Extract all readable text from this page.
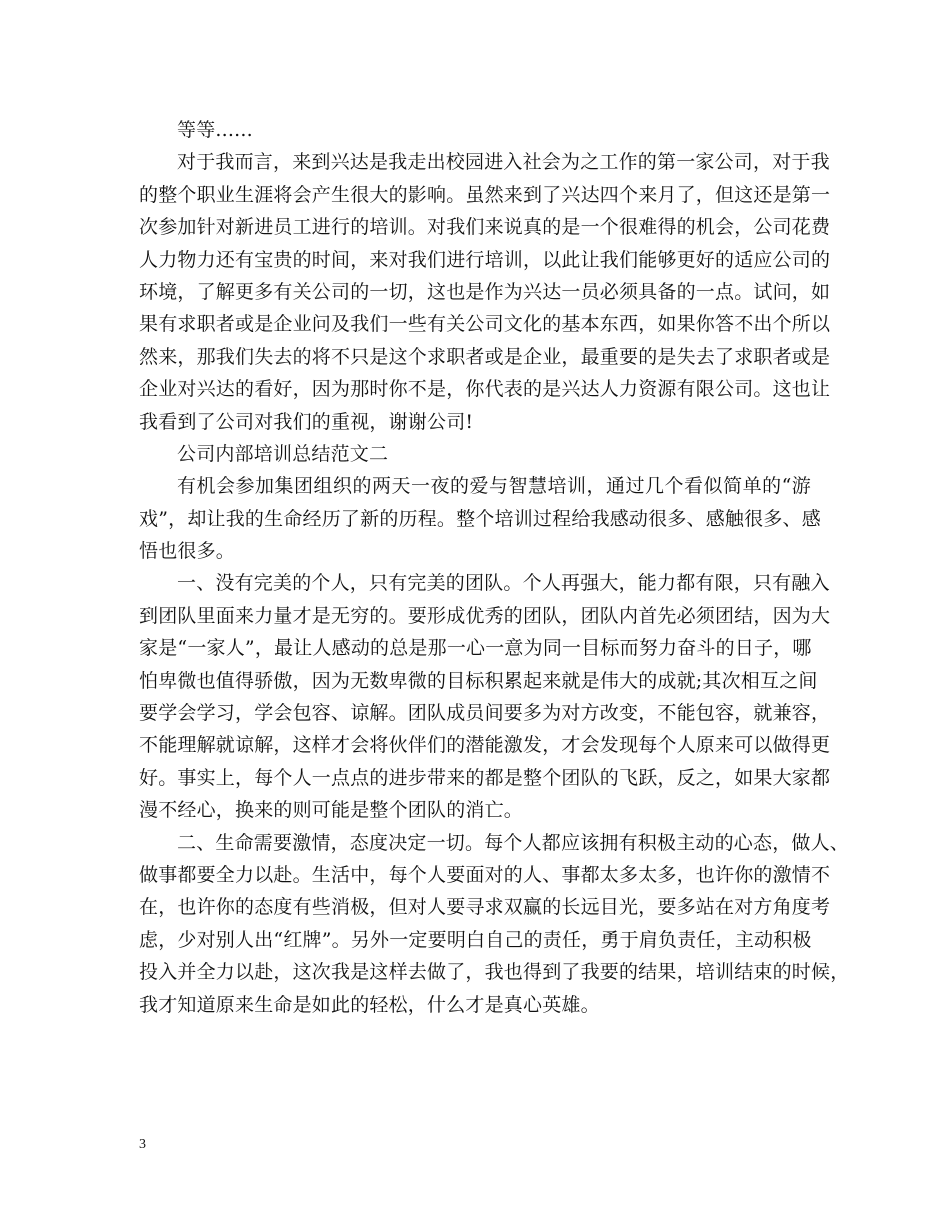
等等......
对于我而言，来到兴达是我走出校园进入社会为之工作的第一家公司，对于我
的整个职业生涯将会产生很大的影响。虽然来到了兴达四个来月了，但这还是第一
次参加针对新进员工进行的培训。对我们来说真的是一个很难得的机会，公司花费
人力物力还有宝贵的时间，来对我们进行培训，以此让我们能够更好的适应公司的
环境，了解更多有关公司的一切，这也是作为兴达一员必须具备的一点。试问，如
果有求职者或是企业问及我们一些有关公司文化的基本东西，如果你答不出个所以
然来，那我们失去的将不只是这个求职者或是企业，最重要的是失去了求职者或是
企业对兴达的看好，因为那时你不是，你代表的是兴达人力资源有限公司。这也让
我看到了公司对我们的重视，谢谢公司!
公司内部培训总结范文二
有机会参加集团组织的两天一夜的爱与智慧培训，通过几个看似简单的“游
戏”，却让我的生命经历了新的历程。整个培训过程给我感动很多、感触很多、感
悟也很多。
一、没有完美的个人，只有完美的团队。个人再强大，能力都有限，只有融入
到团队里面来力量才是无穷的。要形成优秀的团队，团队内首先必须团结，因为大
家是“一家人”，最让人感动的总是那一心一意为同一目标而努力奋斗的日子，哪
怕卑微也值得骄傲，因为无数卑微的目标积累起来就是伟大的成就;其次相互之间
要学会学习，学会包容、谅解。团队成员间要多为对方改变，不能包容，就兼容，
不能理解就谅解，这样才会将伙伴们的潜能激发，才会发现每个人原来可以做得更
好。事实上，每个人一点点的进步带来的都是整个团队的飞跃，反之，如果大家都
漫不经心，换来的则可能是整个团队的消亡。
二、生命需要激情，态度决定一切。每个人都应该拥有积极主动的心态，做人、
做事都要全力以赴。生活中，每个人要面对的人、事都太多太多，也许你的激情不
在，也许你的态度有些消极，但对人要寻求双赢的长远目光，要多站在对方角度考
虑，少对别人出“红牌”。另外一定要明白自己的责任，勇于肩负责任，主动积极
投入并全力以赴，这次我是这样去做了，我也得到了我要的结果，培训结束的时候，
我才知道原来生命是如此的轻松，什么才是真心英雄。
3
